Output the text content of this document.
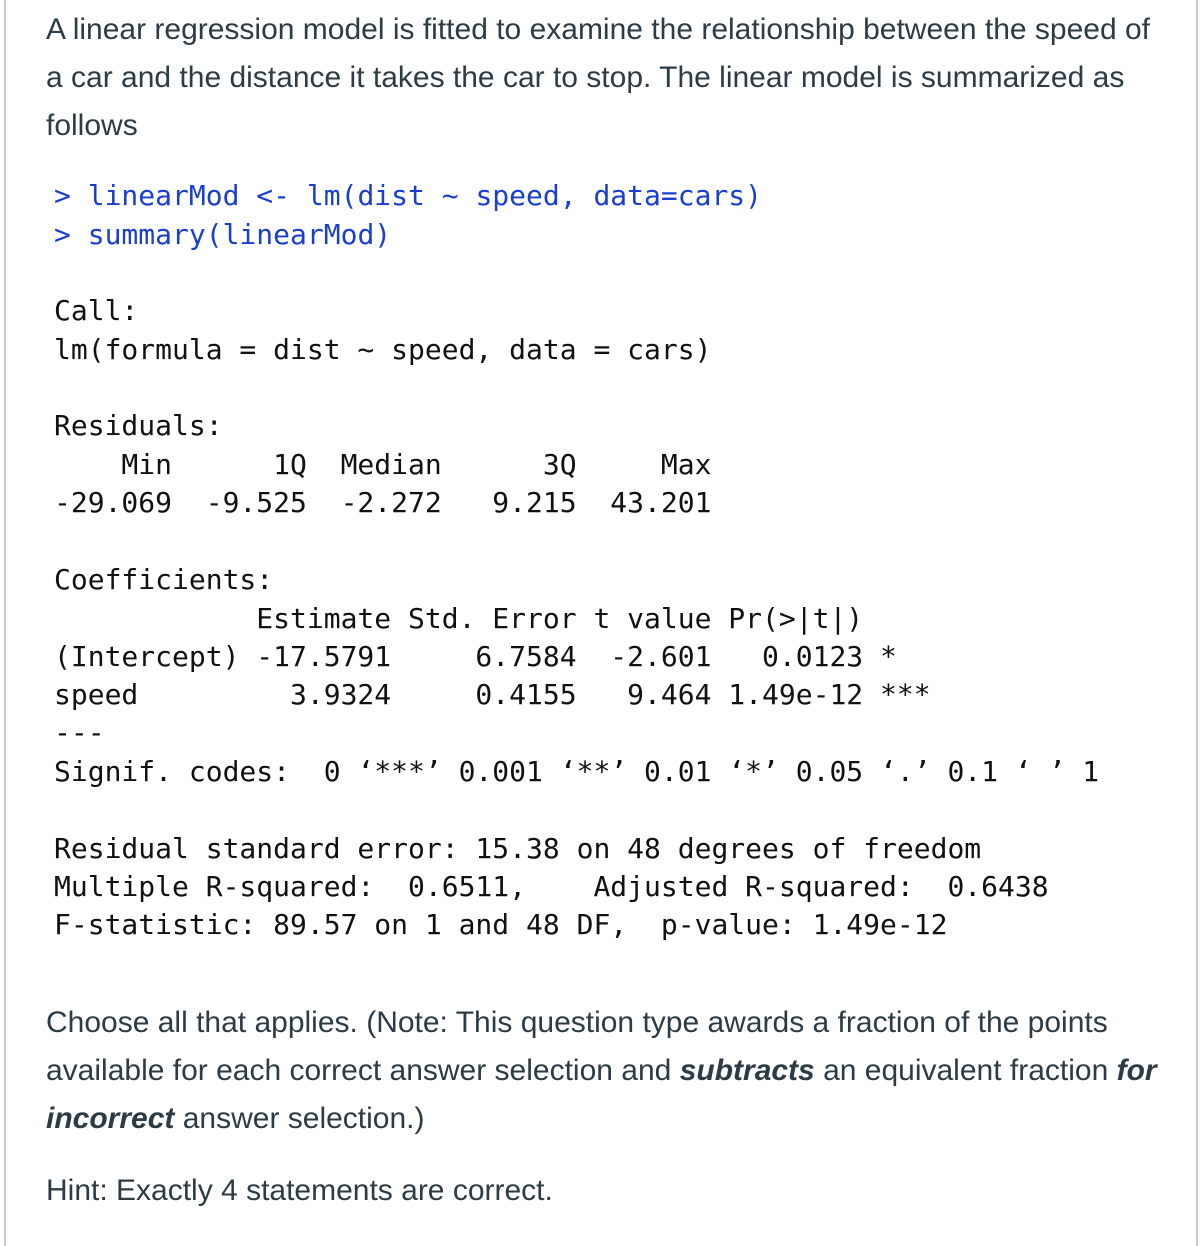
A linear regression model is fitted to examine the relationship between the speed of a car and the distance it takes the car to stop. The linear model is summarized as follows

> linearMod <- lm(dist ~ speed, data=cars)
> summary(linearMod)
Call:
lm(formula = dist ~ speed, data = cars)
Residuals:
Min      1Q  Median      3Q     Max
-29.069  -9.525  -2.272   9.215  43.201
Coefficients:
Estimate Std. Error t value Pr(>|t|)
(Intercept) -17.5791     6.7584  -2.601   0.0123 *
speed         3.9324     0.4155   9.464 1.49e-12 ***
---
Signif. codes:  0 ‘***’ 0.001 ‘**’ 0.01 ‘*’ 0.05 ‘.’ 0.1 ‘ ’ 1
Residual standard error: 15.38 on 48 degrees of freedom
Multiple R-squared:  0.6511,    Adjusted R-squared:  0.6438
F-statistic: 89.57 on 1 and 48 DF,  p-value: 1.49e-12

Choose all that applies. (Note: This question type awards a fraction of the points available for each correct answer selection and subtracts an equivalent fraction for incorrect answer selection.)

Hint: Exactly 4 statements are correct.
